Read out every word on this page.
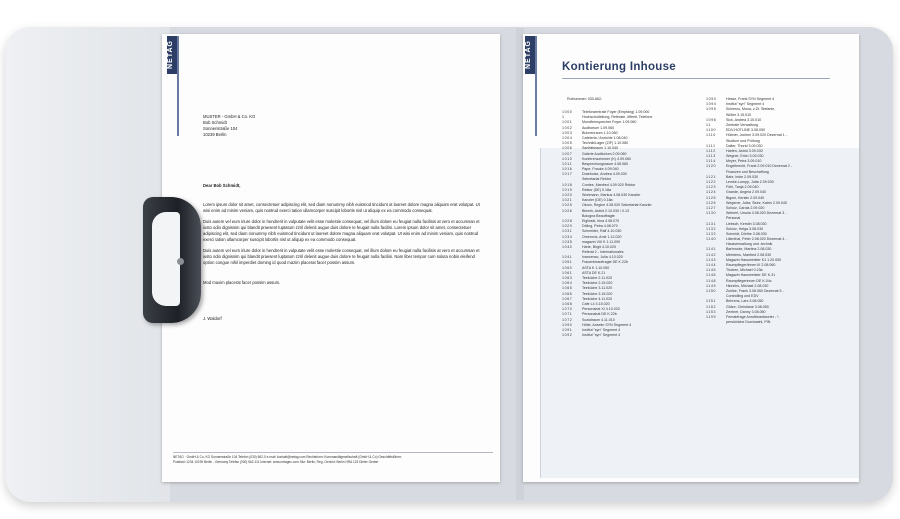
NETAG
MUSTER - GmbH & Co. KG
Bob Schmidt
Sonnenstraße 104
10239 Berlin
Dear Bob Schmidt,

Lorem ipsum dolor sit amet, consectetuer adipiscing elit, sed diam nonummy nibh euismod tincidunt ut laoreet dolore magna aliquam erat volutpat. Ut wisi enim ad minim veniam, quis nostrud exerci tation ullamcorper suscipit lobortis nisl ut aliquip ex ea commodo consequat.

Duis autem vel eum iriure dolor in hendrerit in vulputate velit esse molestie consequat, vel illum dolore eu feugiat nulla facilisis at vero et accumsan et iusto odio dignissim qui blandit praesent luptatum zzril delenit augue duis dolore te feugait nulla facilisi. Lorem ipsum dolor sit amet, consectetuer adipiscing elit, sed diam nonummy nibh euismod tincidunt ut laoreet dolore magna aliquam erat volutpat. Ut wisi enim ad minim veniam, quis nostrud exerci tation ullamcorper suscipit lobortis nisl ut aliquip ex ea commodo consequat.

Duis autem vel eum iriure dolor in hendrerit in vulputate velit esse molestie consequat, vel illum dolore eu feugiat nulla facilisis at vero et accumsan et iusto odio dignissim qui blandit praesent luptatum zzril delenit augue duis dolore te feugait nulla facilisi. Nam liber tempor cum soluta nobis eleifend option congue nihil imperdiet doming id quod mazim placerat facer possim assum.

Mod maxim placerat facer possim assum.

J. Waldorf

NETAG · GmbH & Co. KG Sonnenstraße 104 Telefon (030) 662-0 e-mail: kontakt@netag.com Rechtsform: Kommanditgesellschaft (GmbH & Co) Geschäftsführer:
Postfach 1234 10239 Berlin - Germany Telefax (030) 662-111 Internet: www.netagec.com Sitz: Berlin, Reg.-Gericht: Berlin HRA 123 Dieter Gerber
NETAG	Kontierung Inhouse
Rufnummer: 030-662-
1000	Telefonzentrale Foyer (Empfang) 1.09.000
1	Hochschulleitung, Referate, öffentl. Telefone
1001	Mundfernsprecher Foyer 1.09.060
1002	Auditorium 1.09.060
1003	Buhnenraum 1.10.060
1004	Cafeteria / Anrichte 1.08.040
1005	Technik/Lager (ZIF) 1.10.080
1006	Sanitätsraum 1.10.040
1007	Galerie Auditorium 2.09.060
1010	Konferenzzimmer (K) 4.09.060
1011	Besprechungsraum 4.08.060
1016	Pape, Frauke 4.09.040
1017	Draeboise, Andrea 4.09.030
Sekretariat Rektor
1018	Cordes, Manfred 4.09.020 Rektor
1019	Rektor (DE) 0.18a
1020	Wortmann, Markus 4.08.030 Kanzler
1021	Kanzler (DE) 0.18a
1025	Okoro, Regine 4.08.020 Sekretariat Kanzler
1026	Bienek, Astrid 2.10.030 / 0.13
Bologna Beauftragte
1028	Eiglinski, Irina 4.08.070
1029	Döling, Petra 4.08.070
1031	Schneider, Ralf 4.10.030
1034	Omerovic, Amir 1.12.020
1035	magazin VIII K 1.11.090
1040	Harte, Birgit 4.10.020
Referat 2 - Internationales
1041	Ivancenco, Julia 4.10.020
1051	Frauenbeauftragte DE K.22b
1060	ASTA K 1.10.050
1061	ASTA DE K.21
1063	Teeküche 2.11.020
1064	Teeküche 2.15.020
1065	Teeküche 3.11.020
1066	Teeküche 3.15.020
1067	Teeküche 4.11.020
1068	Cafe L4 4.15.020
1070	Personalrat XI 4.10.020
1071	Personalrat DE K.22b
1072	Sozialraum 4.11.010
1090	Hötte, Anselm SYN Segment 4
1091	Institut "syn" Segment 4
1092	Institut "syn" Segment 4
1093	Hesse, Frank SYN Segment 4
1094	Institut "syn" Segment 4
1095	Schiesro, Mona, z.Zt. Stefanie,
Wüller 3.15.010
1096	Sick, Andrea 3.15.010
11	Zentrale Verwaltung
1100	EDV-HOTLINE 3.08.050
1110	Hübner, Jochen 3.09.020 Dezernat 1 -
Studium und Prüfung
1111	Dalter, Thorid 3.09.030
1112	Harten, Astrid 3.09.030
1113	Wegner, Erich 3.09.030
1114	Meyer, Petra 3.09.010
1120	Engelbrecht, Frank 2.09.010 Dezernat 2 -
Finanzen und Beschaffung
1121	Bahr, Imke 2.09.030
1122	Lemke-Lumpp, Jutta 2.09.030
1123	Föhl, Tanja 2.09.040
1124	Grande, Angela 2.09.040
1125	Bigoni, Kerstin 2.09.040
1126	Wegener, Jutta; Stuhr, Katrin 2.09.040
1127	Schulz, Carola 2.09.020
1130	Weinert, Ursula 3.08.020 Dezernat 3 -
Personal
1131	Liebsch, Kerstin 3.08.030
1132	Schulz, Helga 3.08.030
1133	Schmidt, Dörthe 3.08.030
1140	Lilienthal, Peter 2.08.020 Dezernat 4 -
Hausverwaltung und -technik
1141	Barbrocke, Martina 2.08.030
1142	Mehrtens, Manfred 2.08.030
1143	Magazin Hausmeister K1 1.20.050
1144	Raumpfleger/innen III 2.08.060
1145	Thoben, Michael 0.23a
1146	Magazin Hausmeister DE K.31
1148	Raumpflegerinnen DE K.04c
1149	Hinrichs, Michael 2.08.030
1150	Zuhlke, Frank 3.08.060 Dezernat 5 -
Controlling und EDV
1151	Behrens, Lars 3.08.050
1152	Götze, Christiane 3.08.050
1153	Zentner, Danny 3.08.050
1199	Fernabfrage Anrufbeantworter - *,
persönliche Durchwahl, PIN
